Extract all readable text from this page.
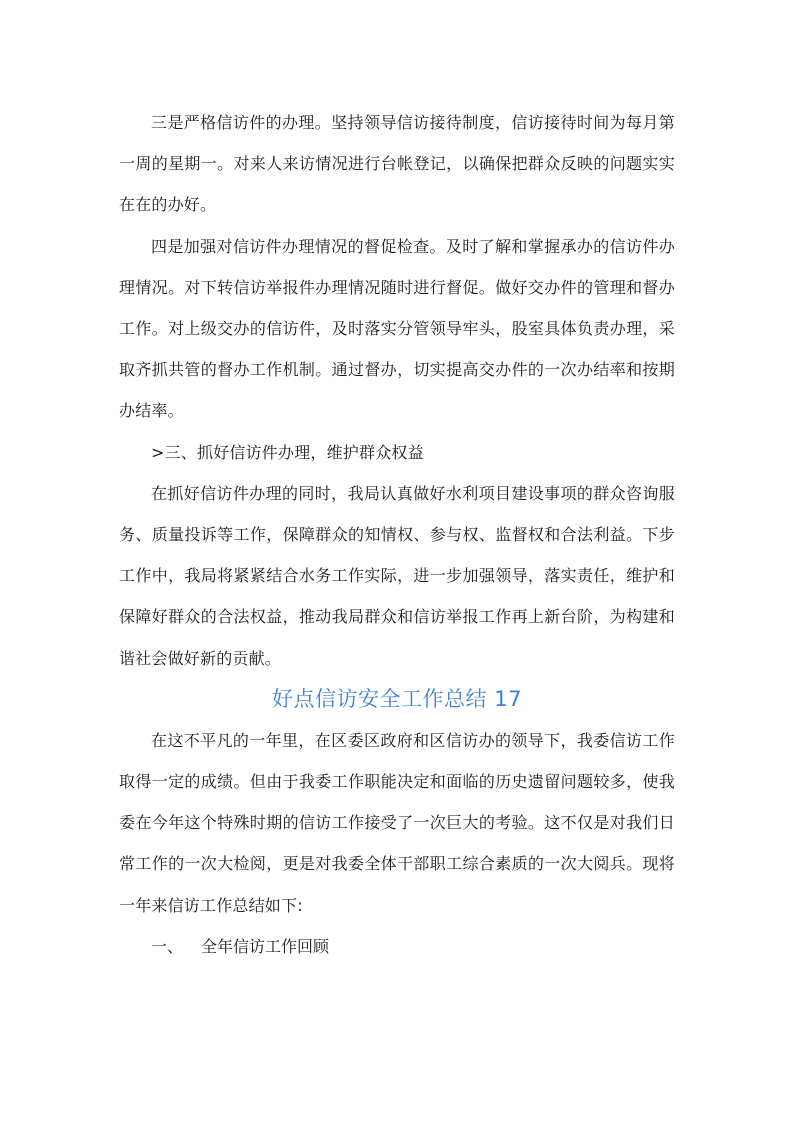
三是严格信访件的办理。坚持领导信访接待制度，信访接待时间为每月第一周的星期一。对来人来访情况进行台帐登记，以确保把群众反映的问题实实在在的办好。

四是加强对信访件办理情况的督促检查。及时了解和掌握承办的信访件办理情况。对下转信访举报件办理情况随时进行督促。做好交办件的管理和督办工作。对上级交办的信访件，及时落实分管领导牢头，股室具体负责办理，采取齐抓共管的督办工作机制。通过督办，切实提高交办件的一次办结率和按期办结率。

>三、抓好信访件办理，维护群众权益

在抓好信访件办理的同时，我局认真做好水利项目建设事项的群众咨询服务、质量投诉等工作，保障群众的知情权、参与权、监督权和合法利益。下步工作中，我局将紧紧结合水务工作实际，进一步加强领导，落实责任，维护和保障好群众的合法权益，推动我局群众和信访举报工作再上新台阶，为构建和谐社会做好新的贡献。

好点信访安全工作总结 17

在这不平凡的一年里，在区委区政府和区信访办的领导下，我委信访工作取得一定的成绩。但由于我委工作职能决定和面临的历史遗留问题较多，使我委在今年这个特殊时期的信访工作接受了一次巨大的考验。这不仅是对我们日常工作的一次大检阅，更是对我委全体干部职工综合素质的一次大阅兵。现将一年来信访工作总结如下:

一、 全年信访工作回顾
